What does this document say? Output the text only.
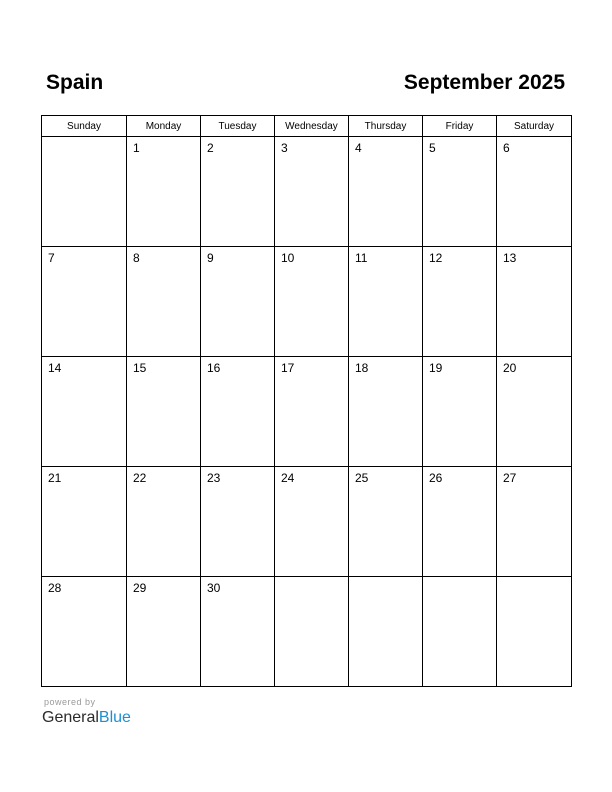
Spain	September 2025
Sunday	Monday	Tuesday	Wednesday	Thursday	Friday	Saturday

	1	2	3	4	5	6

7	8	9	10	11	12	13

14	15	16	17	18	19	20

21	22	23	24	25	26	27

28	29	30				

powered by
GeneralBlue
